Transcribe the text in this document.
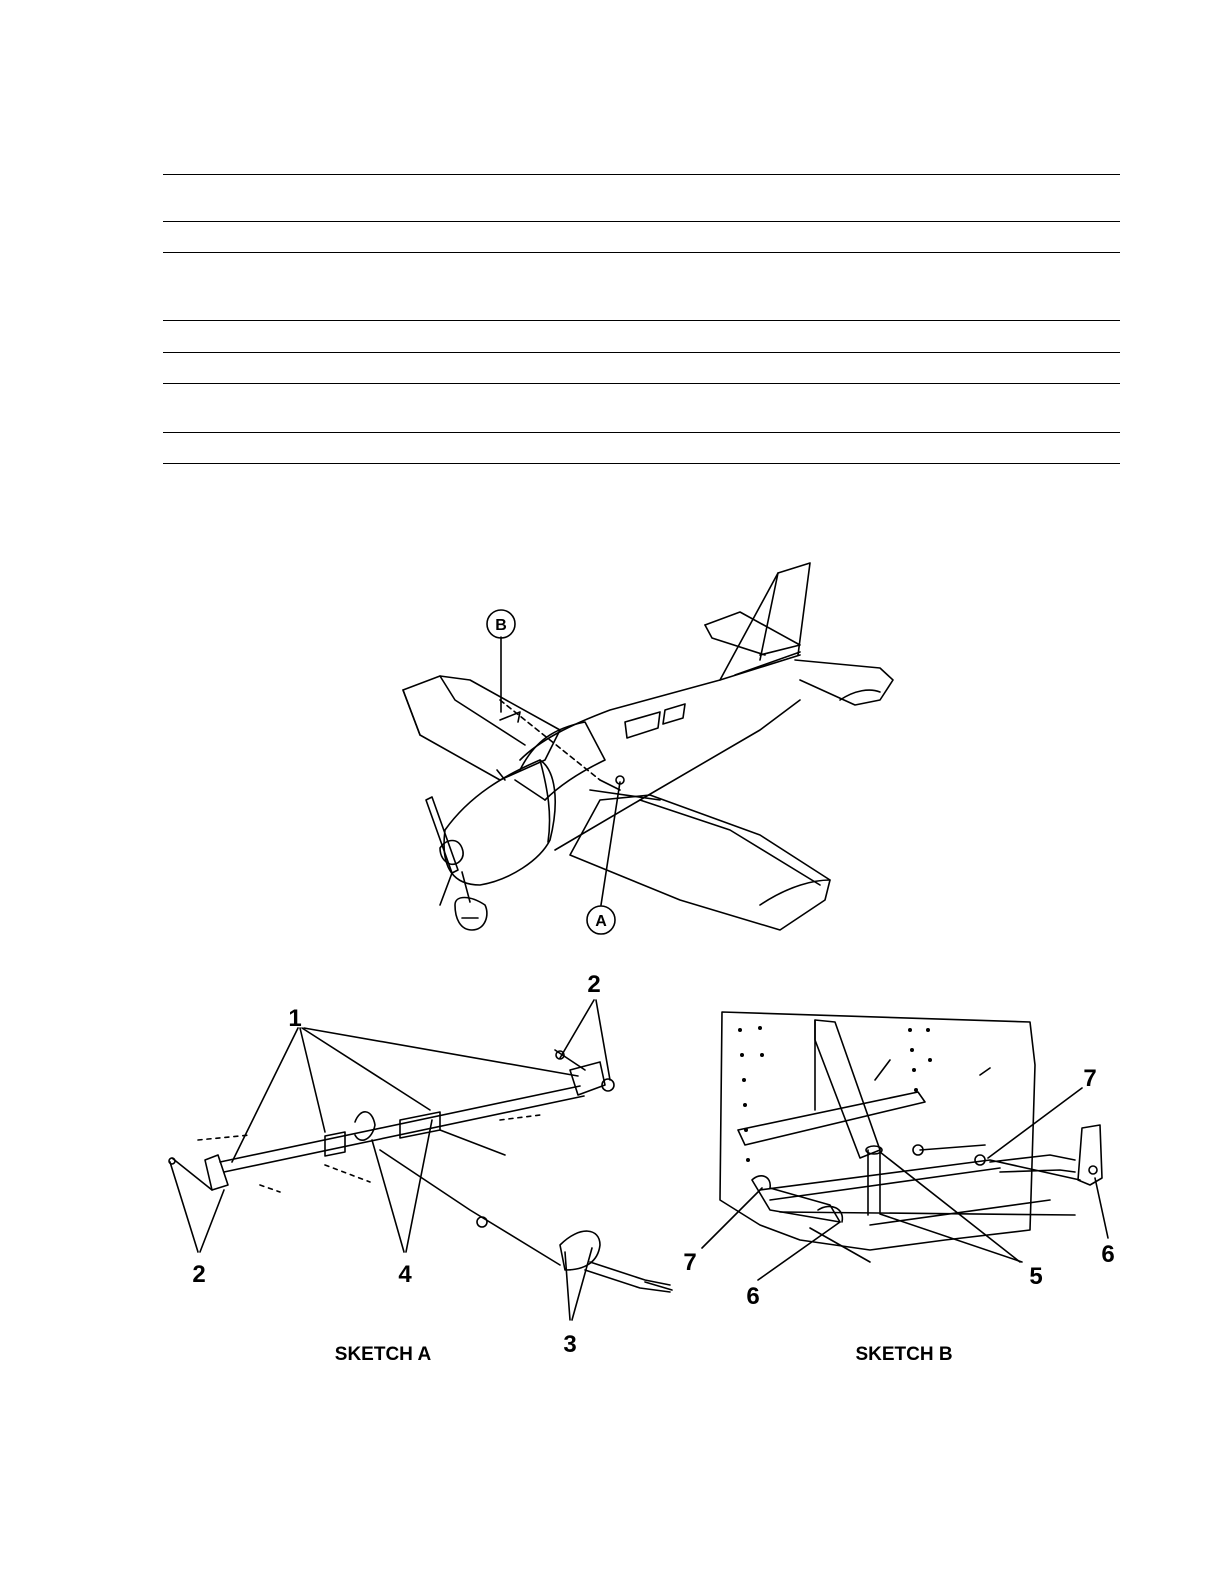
B
A
1
2
2
3
4
7
7	6
6
5
SKETCH A	SKETCH B
